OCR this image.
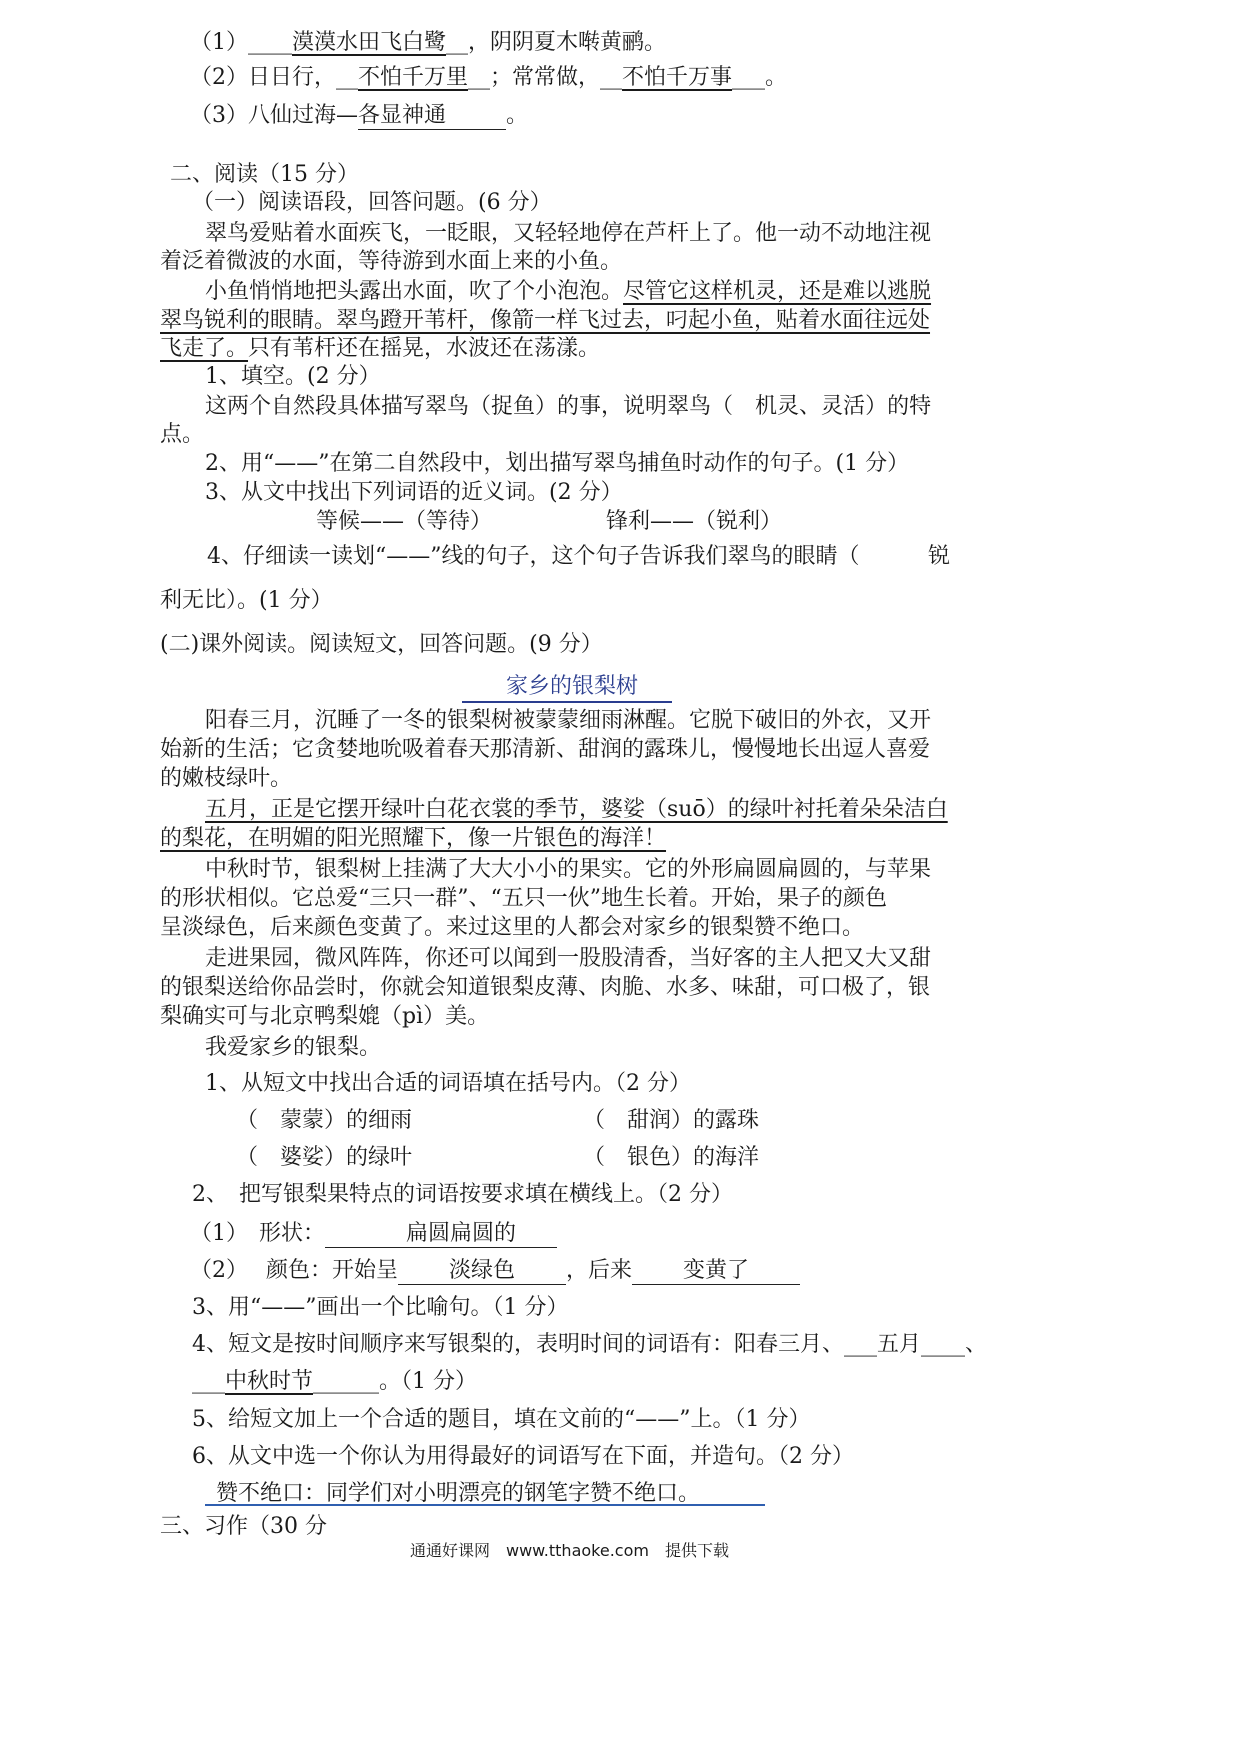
（1）____漠漠水田飞白鹭__，阴阴夏木啭黄鹂。
（2）日日行，__不怕千万里__；常常做，__不怕千万事___。
（3）八仙过海—各显神通	。
二、阅读（15 分）
（一）阅读语段，回答问题。(6 分）
翠鸟爱贴着水面疾飞，一眨眼，又轻轻地停在芦杆上了。他一动不动地注视
着泛着微波的水面，等待游到水面上来的小鱼。
小鱼悄悄地把头露出水面，吹了个小泡泡。尽管它这样机灵，还是难以逃脱
翠鸟锐利的眼睛。翠鸟蹬开苇杆，像箭一样飞过去，叼起小鱼，贴着水面往远处
飞走了。只有苇杆还在摇晃，水波还在荡漾。
1、填空。(2 分）
这两个自然段具体描写翠鸟（捉鱼）的事，说明翠鸟（　机灵、灵活）的特
点。
2、用“——”在第二自然段中，划出描写翠鸟捕鱼时动作的句子。(1 分）
3、从文中找出下列词语的近义词。(2 分）
等候——（等待）	锋利——（锐利）
4、仔细读一读划“——”线的句子，这个句子告诉我们翠鸟的眼睛（　 锐
利无比）。(1 分）
(二)课外阅读。阅读短文，回答问题。(9 分）
家乡的银梨树
阳春三月，沉睡了一冬的银梨树被蒙蒙细雨淋醒。它脱下破旧的外衣，又开
始新的生活；它贪婪地吮吸着春天那清新、甜润的露珠儿，慢慢地长出逗人喜爱
的嫩枝绿叶。
五月，正是它摆开绿叶白花衣裳的季节，婆娑（suō）的绿叶衬托着朵朵洁白
的梨花，在明媚的阳光照耀下，像一片银色的海洋！
中秋时节，银梨树上挂满了大大小小的果实。它的外形扁圆扁圆的，与苹果
的形状相似。它总爱“三只一群”、“五只一伙”地生长着。开始，果子的颜色
呈淡绿色，后来颜色变黄了。来过这里的人都会对家乡的银梨赞不绝口。
走进果园，微风阵阵，你还可以闻到一股股清香，当好客的主人把又大又甜
的银梨送给你品尝时，你就会知道银梨皮薄、肉脆、水多、味甜，可口极了，银
梨确实可与北京鸭梨媲（pì）美。
我爱家乡的银梨。
1、从短文中找出合适的词语填在括号内。（2 分）
（　蒙蒙）的细雨	（　甜润）的露珠
（　婆娑）的绿叶	（　银色）的海洋
2、　把写银梨果特点的词语按要求填在横线上。（2 分）
（1）　形状：	扁圆扁圆的
（2）　 颜色：开始呈 淡绿色 ，后来 变黄了
3、用“——”画出一个比喻句。（1 分）
4、短文是按时间顺序来写银梨的，表明时间的词语有：阳春三月、___五月____、
___中秋时节______。（1 分）
5、给短文加上一个合适的题目，填在文前的“——”上。（1 分）
6、从文中选一个你认为用得最好的词语写在下面，并造句。（2 分）
赞不绝口：同学们对小明漂亮的钢笔字赞不绝口。
三、习作（30 分
通通好课网　www.tthaoke.com　提供下载
